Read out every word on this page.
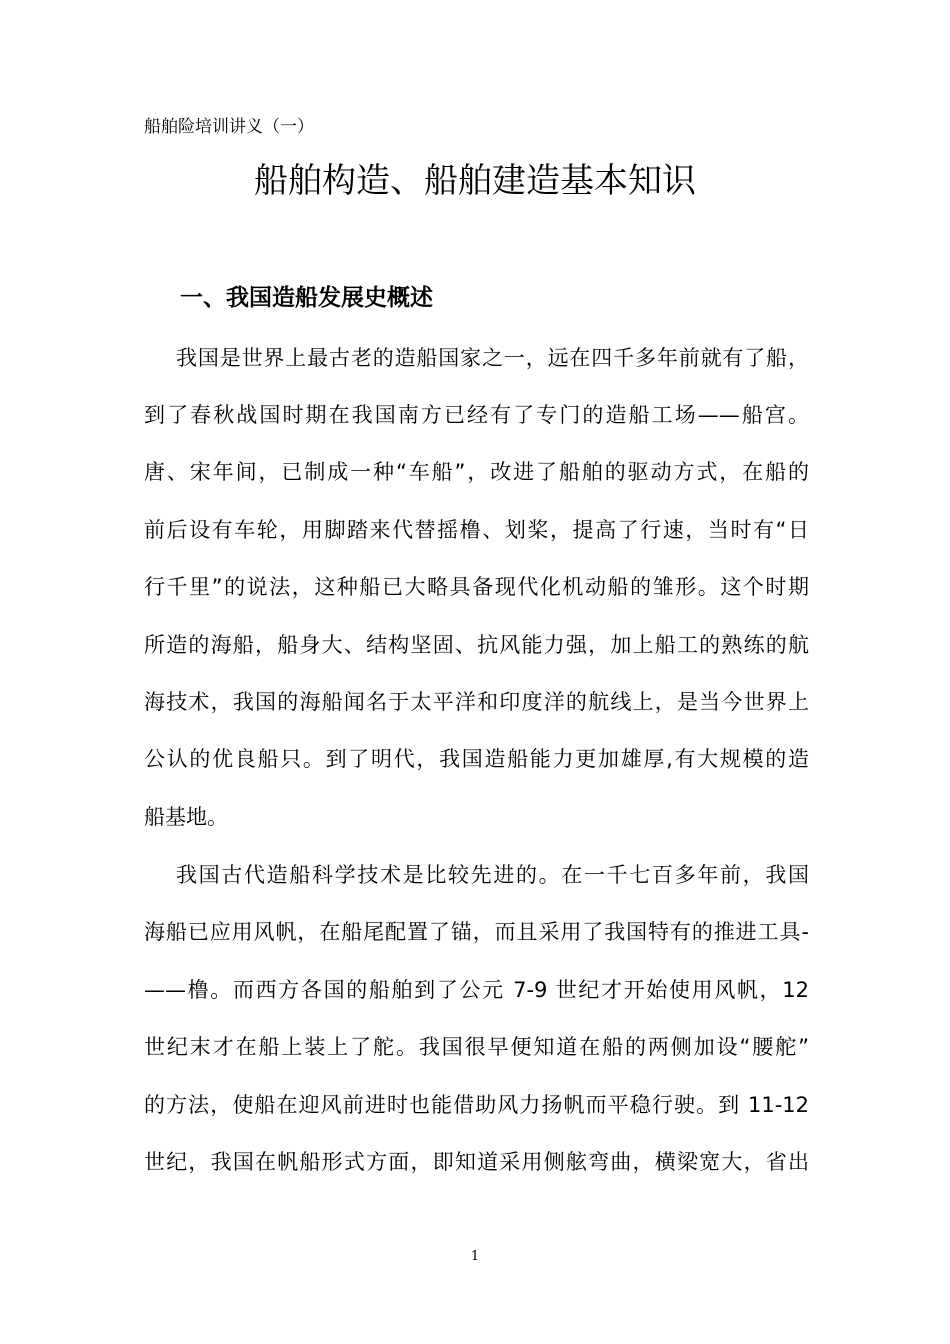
船舶险培训讲义（一）
船舶构造、船舶建造基本知识
一、我国造船发展史概述
我国是世界上最古老的造船国家之一，远在四千多年前就有了船，
到了春秋战国时期在我国南方已经有了专门的造船工场——船宫。
唐、宋年间，已制成一种“车船”，改进了船舶的驱动方式，在船的
前后设有车轮，用脚踏来代替摇橹、划桨，提高了行速，当时有“日
行千里”的说法，这种船已大略具备现代化机动船的雏形。这个时期
所造的海船，船身大、结构坚固、抗风能力强，加上船工的熟练的航
海技术，我国的海船闻名于太平洋和印度洋的航线上，是当今世界上
公认的优良船只。到了明代，我国造船能力更加雄厚,有大规模的造
船基地。
我国古代造船科学技术是比较先进的。在一千七百多年前，我国
海船已应用风帆，在船尾配置了锚，而且采用了我国特有的推进工具-
——橹。而西方各国的船舶到了公元 7-9 世纪才开始使用风帆，12
世纪末才在船上装上了舵。我国很早便知道在船的两侧加设“腰舵”
的方法，使船在迎风前进时也能借助风力扬帆而平稳行驶。到 11-12
世纪，我国在帆船形式方面，即知道采用侧舷弯曲，横梁宽大，省出
1
